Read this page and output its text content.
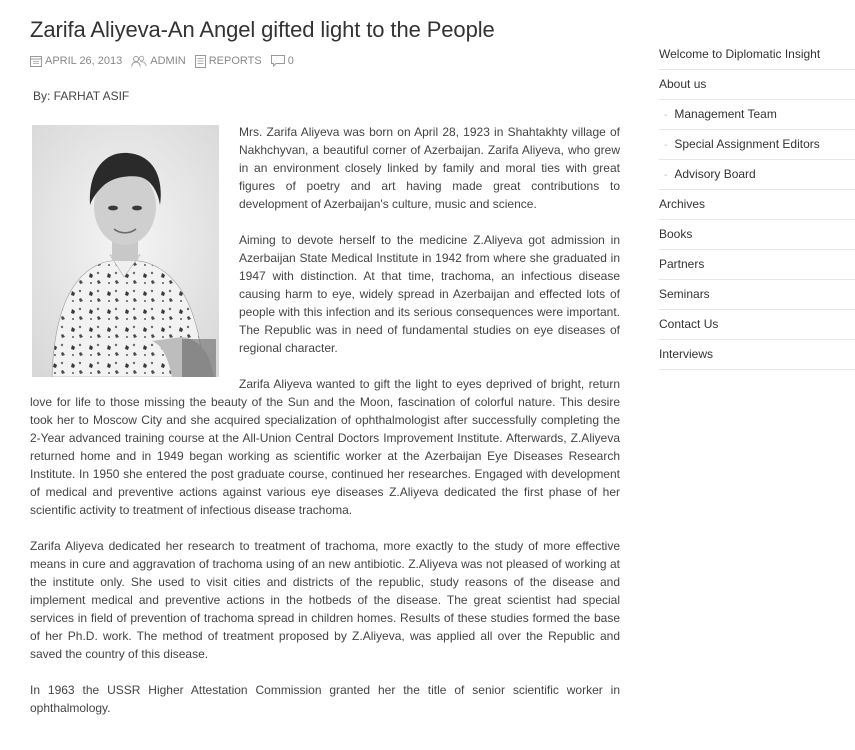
Zarifa Aliyeva-An Angel gifted light to the People
APRIL 26, 2013	ADMIN REPORTS 0
By: FARHAT ASIF

Mrs. Zarifa Aliyeva was born on April 28, 1923 in Shahtakhty village of Nakhchyvan, a beautiful corner of Azerbaijan. Zarifa Aliyeva, who grew in an environment closely linked by family and moral ties with great figures of poetry and art having made great contributions to development of Azerbaijan's culture, music and science.

Aiming to devote herself to the medicine Z.Aliyeva got admission in Azerbaijan State Medical Institute in 1942 from where she graduated in 1947 with distinction. At that time, trachoma, an infectious disease causing harm to eye, widely spread in Azerbaijan and effected lots of people with this infection and its serious consequences were important. The Republic was in need of fundamental studies on eye diseases of regional character.

Zarifa Aliyeva wanted to gift the light to eyes deprived of bright, return love for life to those missing the beauty of the Sun and the Moon, fascination of colorful nature. This desire took her to Moscow City and she acquired specialization of ophthalmologist after successfully completing the 2-Year advanced training course at the All-Union Central Doctors Improvement Institute. Afterwards, Z.Aliyeva returned home and in 1949 began working as scientific worker at the Azerbaijan Eye Diseases Research Institute. In 1950 she entered the post graduate course, continued her researches. Engaged with development of medical and preventive actions against various eye diseases Z.Aliyeva dedicated the first phase of her scientific activity to treatment of infectious disease trachoma.

Zarifa Aliyeva dedicated her research to treatment of trachoma, more exactly to the study of more effective means in cure and aggravation of trachoma using of an new antibiotic. Z.Aliyeva was not pleased of working at the institute only. She used to visit cities and districts of the republic, study reasons of the disease and implement medical and preventive actions in the hotbeds of the disease. The great scientist had special services in field of prevention of trachoma spread in children homes. Results of these studies formed the base of her Ph.D. work. The method of treatment proposed by Z.Aliyeva, was applied all over the Republic and saved the country of this disease.

In 1963 the USSR Higher Attestation Commission granted her the title of senior scientific worker in ophthalmology.

Welcome to Diplomatic Insight
About us
- Management Team
- Special Assignment Editors
- Advisory Board
Archives
Books
Partners
Seminars
Contact Us
Interviews
